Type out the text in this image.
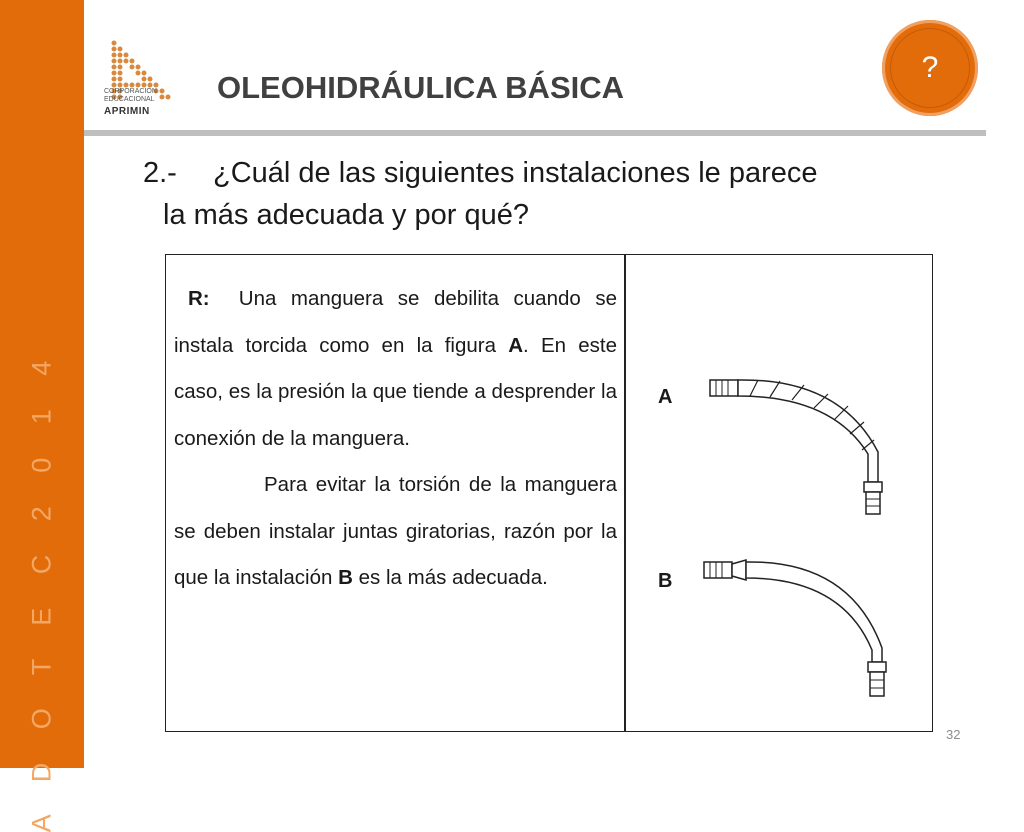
A D O T E C 2 0 1 4
CORPORACIÓN
EDUCACIONAL
APRIMIN
OLEOHIDRÁULICA BÁSICA
?

2.- ¿Cuál de las siguientes instalaciones le parece
la más adecuada y por qué?

R: Una manguera se debilita cuando se instala torcida como en la figura A. En este caso, es la presión la que tiende a desprender la conexión de la manguera.

Para evitar la torsión de la manguera se deben instalar juntas giratorias, razón por la que la instalación B es la más adecuada.

A
B
32
